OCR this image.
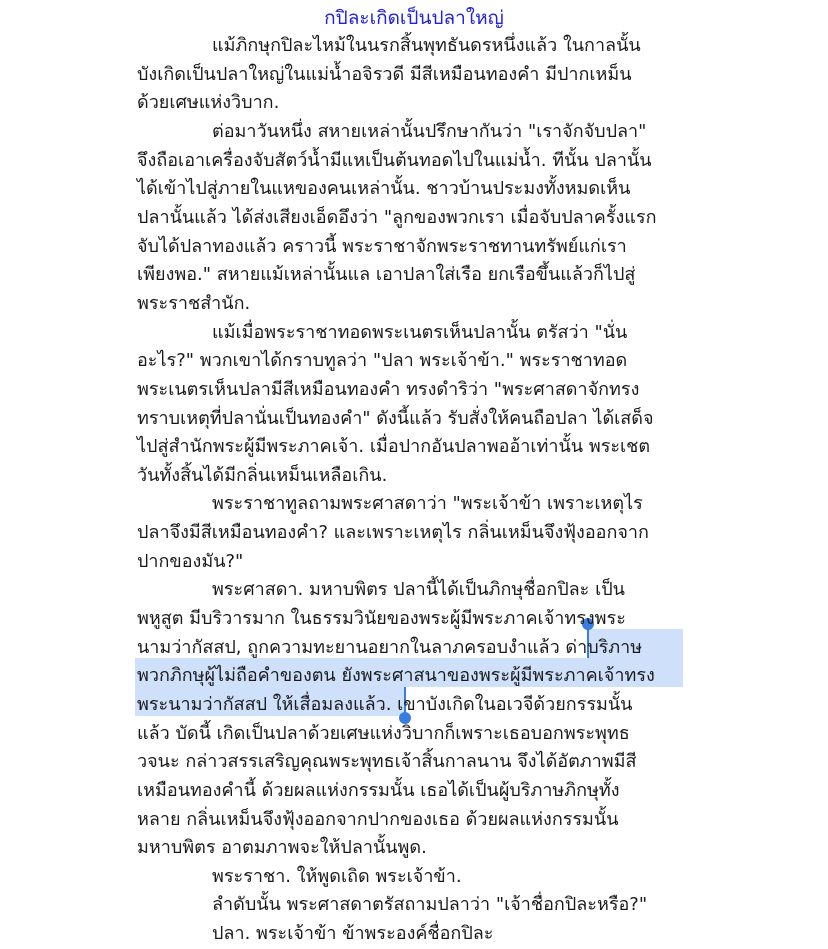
กปิละเกิดเป็นปลาใหญ่
แม้ภิกษุกปิละไหม้ในนรกสิ้นพุทธันดรหนึ่งแล้ว ในกาลนั้น
บังเกิดเป็นปลาใหญ่ในแม่น้ำอจิรวดี มีสีเหมือนทองคำ มีปากเหม็น
ด้วยเศษแห่งวิบาก.
ต่อมาวันหนึ่ง สหายเหล่านั้นปรึกษากันว่า "เราจักจับปลา"
จึงถือเอาเครื่องจับสัตว์น้ำมีแหเป็นต้นทอดไปในแม่น้ำ. ทีนั้น ปลานั้น
ได้เข้าไปสู่ภายในแหของคนเหล่านั้น. ชาวบ้านประมงทั้งหมดเห็น
ปลานั้นแล้ว ได้ส่งเสียงเอ็ดอึงว่า "ลูกของพวกเรา เมื่อจับปลาครั้งแรก
จับได้ปลาทองแล้ว คราวนี้ พระราชาจักพระราชทานทรัพย์แก่เรา
เพียงพอ." สหายแม้เหล่านั้นแล เอาปลาใส่เรือ ยกเรือขึ้นแล้วก็ไปสู่
พระราชสำนัก.
แม้เมื่อพระราชาทอดพระเนตรเห็นปลานั้น ตรัสว่า "นั่น
อะไร?" พวกเขาได้กราบทูลว่า "ปลา พระเจ้าข้า." พระราชาทอด
พระเนตรเห็นปลามีสีเหมือนทองคำ ทรงดำริว่า "พระศาสดาจักทรง
ทราบเหตุที่ปลานั่นเป็นทองคำ" ดังนี้แล้ว รับสั่งให้คนถือปลา ได้เสด็จ
ไปสู่สำนักพระผู้มีพระภาคเจ้า. เมื่อปากอันปลาพออ้าเท่านั้น พระเชต
วันทั้งสิ้นได้มีกลิ่นเหม็นเหลือเกิน.
พระราชาทูลถามพระศาสดาว่า "พระเจ้าข้า เพราะเหตุไร
ปลาจึงมีสีเหมือนทองคำ? และเพราะเหตุไร กลิ่นเหม็นจึงฟุ้งออกจาก
ปากของมัน?"
พระศาสดา. มหาบพิตร ปลานี้ได้เป็นภิกษุชื่อกปิละ เป็น
พหูสูต มีบริวารมาก ในธรรมวินัยของพระผู้มีพระภาคเจ้าทรงพระ
นามว่ากัสสป, ถูกความทะยานอยากในลาภครอบงำแล้ว ด่าบริภาษ
พวกภิกษุผู้ไม่ถือคำของตน ยังพระศาสนาของพระผู้มีพระภาคเจ้าทรง
พระนามว่ากัสสป ให้เสื่อมลงแล้ว. เขาบังเกิดในอเวจีด้วยกรรมนั้น
แล้ว บัดนี้ เกิดเป็นปลาด้วยเศษแห่งวิบากก็เพราะเธอบอกพระพุทธ
วจนะ กล่าวสรรเสริญคุณพระพุทธเจ้าสิ้นกาลนาน จึงได้อัตภาพมีสี
เหมือนทองคำนี้ ด้วยผลแห่งกรรมนั้น เธอได้เป็นผู้บริภาษภิกษุทั้ง
หลาย กลิ่นเหม็นจึงฟุ้งออกจากปากของเธอ ด้วยผลแห่งกรรมนั้น
มหาบพิตร อาตมภาพจะให้ปลานั้นพูด.
พระราชา. ให้พูดเถิด พระเจ้าข้า.
ลำดับนั้น พระศาสดาตรัสถามปลาว่า "เจ้าชื่อกปิละหรือ?"
ปลา. พระเจ้าข้า ข้าพระองค์ชื่อกปิละ
